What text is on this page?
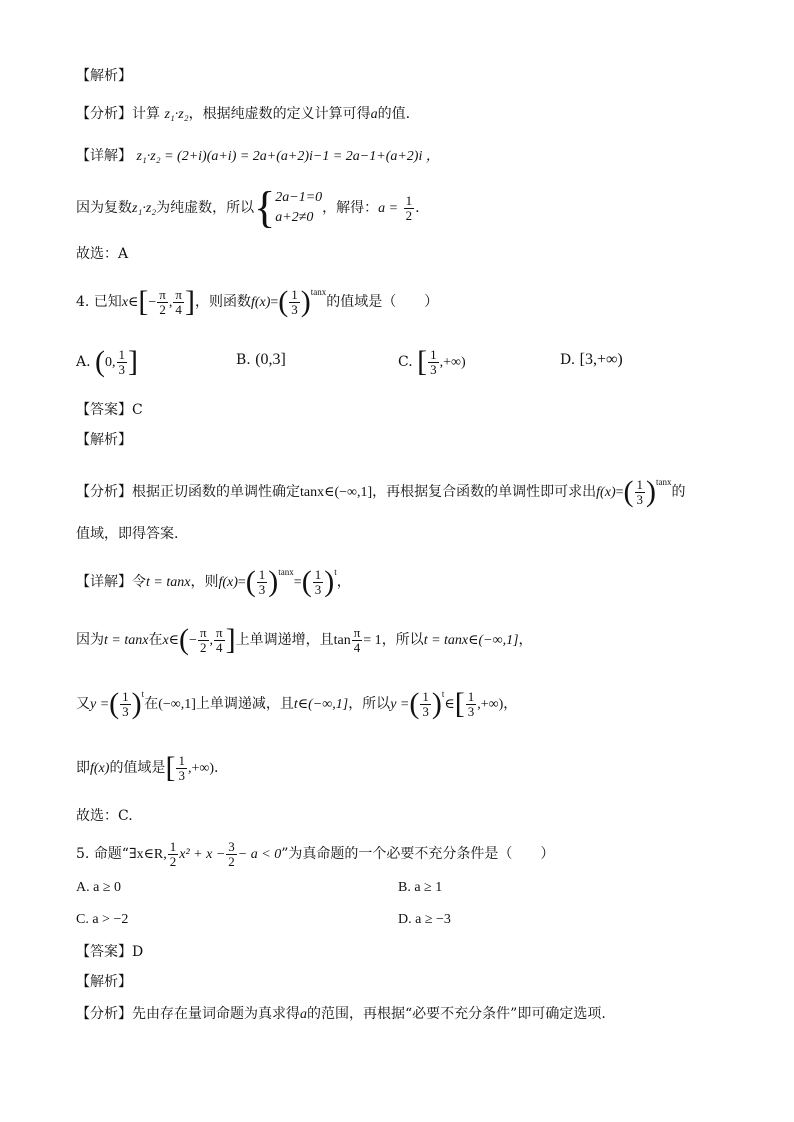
【解析】
【分析】计算 z₁·z₂，根据纯虚数的定义计算可得a的值.
【详解】 z₁·z₂ = (2+i)(a+i) = 2a+(a+2)i−1 = 2a−1+(a+2)i ，
因为复数z₁·z₂为纯虚数，所以{ 2a−1=0
a+2≠0
，解得：$a = \frac{1}{2}$ .
故选：A
4. 已知x∈[− $\frac{\pi}{2}$ , $\frac{\pi}{4}$ ]，则函数$f(x)=( \frac{1}{3} )^{tanx}$的值域是（　　）
A. (0, $\frac{1}{3}$ ]	B. (0,3]	C. [ $\frac{1}{3}$ ,+∞)	D. [3,+∞)
【答案】C
【解析】
【分析】根据正切函数的单调性确定tanx∈(−∞,1]，再根据复合函数的单调性即可求出$f(x)=( \frac{1}{3} )^{tanx}$的
值域，即得答案.
【详解】令t = tanx，则$f(x)=( \frac{1}{3} )^{tanx}=( \frac{1}{3} )^t$，
因为t = tanx在x∈(− $\frac{\pi}{2}$ , $\frac{\pi}{4}$ ]上单调递增，且$\tan \frac{\pi}{4} = 1$，所以t = tanx∈(−∞,1]，
又y =( $\frac{1}{3} )^t$在(−∞,1]上单调递减，且t∈(−∞,1]，所以y =( $\frac{1}{3}$ )$^t$∈[ $\frac{1}{3}$ ,+∞)，
即f(x)的值域是[ $\frac{1}{3}$ ,+∞).
故选：C.
5. 命题“∃x∈R, $\frac{1}{2} x^2 + x - \frac{3}{2} - a < 0$”为真命题的一个必要不充分条件是（　　）
A. a ≥ 0	B. a ≥ 1
C. a > −2	D. a ≥ −3
【答案】D
【解析】
【分析】先由存在量词命题为真求得a的范围，再根据“必要不充分条件”即可确定选项.
